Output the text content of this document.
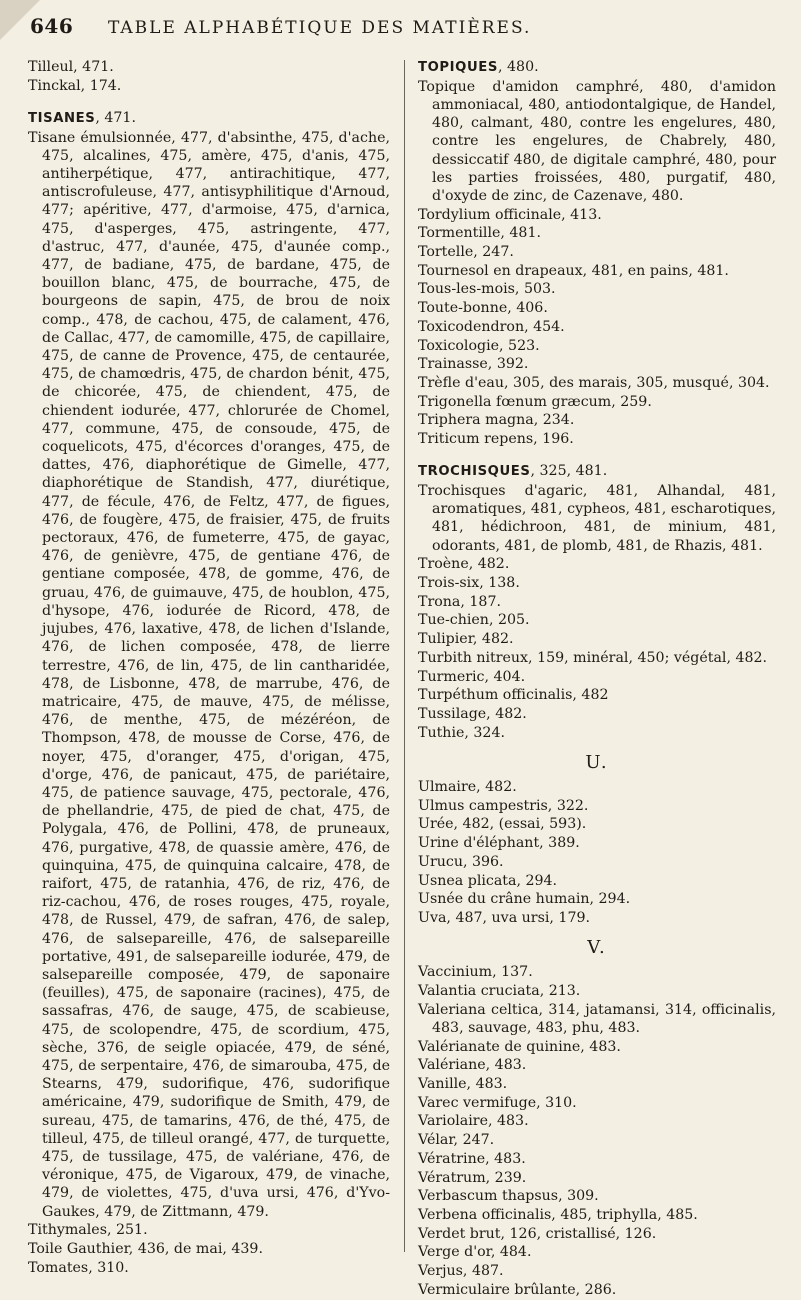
646 TABLE ALPHABÉTIQUE DES MATIÈRES.
Tilleul, 471.
Tinckal, 174.
TISANES, 471.
Tisane émulsionnée, 477, d'absinthe, 475, d'ache, 475, alcalines, 475, amère, 475, d'anis, 475, antiherpétique, 477, antirachitique, 477, antiscrofuleuse, 477, antisyphilitique d'Arnoud, 477; apéritive, 477, d'armoise, 475, d'arnica, 475, d'asperges, 475, astringente, 477, d'astruc, 477, d'aunée, 475, d'aunée comp., 477, de badiane, 475, de bardane, 475, de bouillon blanc, 475, de bourrache, 475, de bourgeons de sapin, 475, de brou de noix comp., 478, de cachou, 475, de calament, 476, de Callac, 477, de camomille, 475, de capillaire, 475, de canne de Provence, 475, de centaurée, 475, de chamœdris, 475, de chardon bénit, 475, de chicorée, 475, de chiendent, 475, de chiendent iodurée, 477, chlorurée de Chomel, 477, commune, 475, de consoude, 475, de coquelicots, 475, d'écorces d'oranges, 475, de dattes, 476, diaphorétique de Gimelle, 477, diaphorétique de Standish, 477, diurétique, 477, de fécule, 476, de Feltz, 477, de figues, 476, de fougère, 475, de fraisier, 475, de fruits pectoraux, 476, de fumeterre, 475, de gayac, 476, de genièvre, 475, de gentiane 476, de gentiane composée, 478, de gomme, 476, de gruau, 476, de guimauve, 475, de houblon, 475, d'hysope, 476, iodurée de Ricord, 478, de jujubes, 476, laxative, 478, de lichen d'Islande, 476, de lichen composée, 478, de lierre terrestre, 476, de lin, 475, de lin cantharidée, 478, de Lisbonne, 478, de marrube, 476, de matricaire, 475, de mauve, 475, de mélisse, 476, de menthe, 475, de mézéréon, de Thompson, 478, de mousse de Corse, 476, de noyer, 475, d'oranger, 475, d'origan, 475, d'orge, 476, de panicaut, 475, de pariétaire, 475, de patience sauvage, 475, pectorale, 476, de phellandrie, 475, de pied de chat, 475, de Polygala, 476, de Pollini, 478, de pruneaux, 476, purgative, 478, de quassie amère, 476, de quinquina, 475, de quinquina calcaire, 478, de raifort, 475, de ratanhia, 476, de riz, 476, de riz-cachou, 476, de roses rouges, 475, royale, 478, de Russel, 479, de safran, 476, de salep, 476, de salsepareille, 476, de salsepareille portative, 491, de salsepareille iodurée, 479, de salsepareille composée, 479, de saponaire (feuilles), 475, de saponaire (racines), 475, de sassafras, 476, de sauge, 475, de scabieuse, 475, de scolopendre, 475, de scordium, 475, sèche, 376, de seigle opiacée, 479, de séné, 475, de serpentaire, 476, de simarouba, 475, de Stearns, 479, sudorifique, 476, sudorifique américaine, 479, sudorifique de Smith, 479, de sureau, 475, de tamarins, 476, de thé, 475, de tilleul, 475, de tilleul orangé, 477, de turquette, 475, de tussilage, 475, de valériane, 476, de véronique, 475, de Vigaroux, 479, de vinache, 479, de violettes, 475, d'uva ursi, 476, d'Yvo-Gaukes, 479, de Zittmann, 479.
Tithymales, 251.
Toile Gauthier, 436, de mai, 439.
Tomates, 310.
TOPIQUES, 480.
Topique d'amidon camphré, 480, d'amidon ammoniacal, 480, antiodontalgique, de Handel, 480, calmant, 480, contre les engelures, 480, contre les engelures, de Chabrely, 480, dessiccatif 480, de digitale camphré, 480, pour les parties froissées, 480, purgatif, 480, d'oxyde de zinc, de Cazenave, 480.
Tordylium officinale, 413.
Tormentille, 481.
Tortelle, 247.
Tournesol en drapeaux, 481, en pains, 481.
Tous-les-mois, 503.
Toute-bonne, 406.
Toxicodendron, 454.
Toxicologie, 523.
Trainasse, 392.
Trèfle d'eau, 305, des marais, 305, musqué, 304.
Trigonella fœnum græcum, 259.
Triphera magna, 234.
Triticum repens, 196.
TROCHISQUES, 325, 481.
Trochisques d'agaric, 481, Alhandal, 481, aromatiques, 481, cypheos, 481, escharotiques, 481, hédichroon, 481, de minium, 481, odorants, 481, de plomb, 481, de Rhazis, 481.
Troène, 482.
Trois-six, 138.
Trona, 187.
Tue-chien, 205.
Tulipier, 482.
Turbith nitreux, 159, minéral, 450; végétal, 482.
Turmeric, 404.
Turpéthum officinalis, 482
Tussilage, 482.
Tuthie, 324.
U.
Ulmaire, 482.
Ulmus campestris, 322.
Urée, 482, (essai, 593).
Urine d'éléphant, 389.
Urucu, 396.
Usnea plicata, 294.
Usnée du crâne humain, 294.
Uva, 487, uva ursi, 179.
V.
Vaccinium, 137.
Valantia cruciata, 213.
Valeriana celtica, 314, jatamansi, 314, officinalis, 483, sauvage, 483, phu, 483.
Valérianate de quinine, 483.
Valériane, 483.
Vanille, 483.
Varec vermifuge, 310.
Variolaire, 483.
Vélar, 247.
Vératrine, 483.
Vératrum, 239.
Verbascum thapsus, 309.
Verbena officinalis, 485, triphylla, 485.
Verdet brut, 126, cristallisé, 126.
Verge d'or, 484.
Verjus, 487.
Vermiculaire brûlante, 286.
